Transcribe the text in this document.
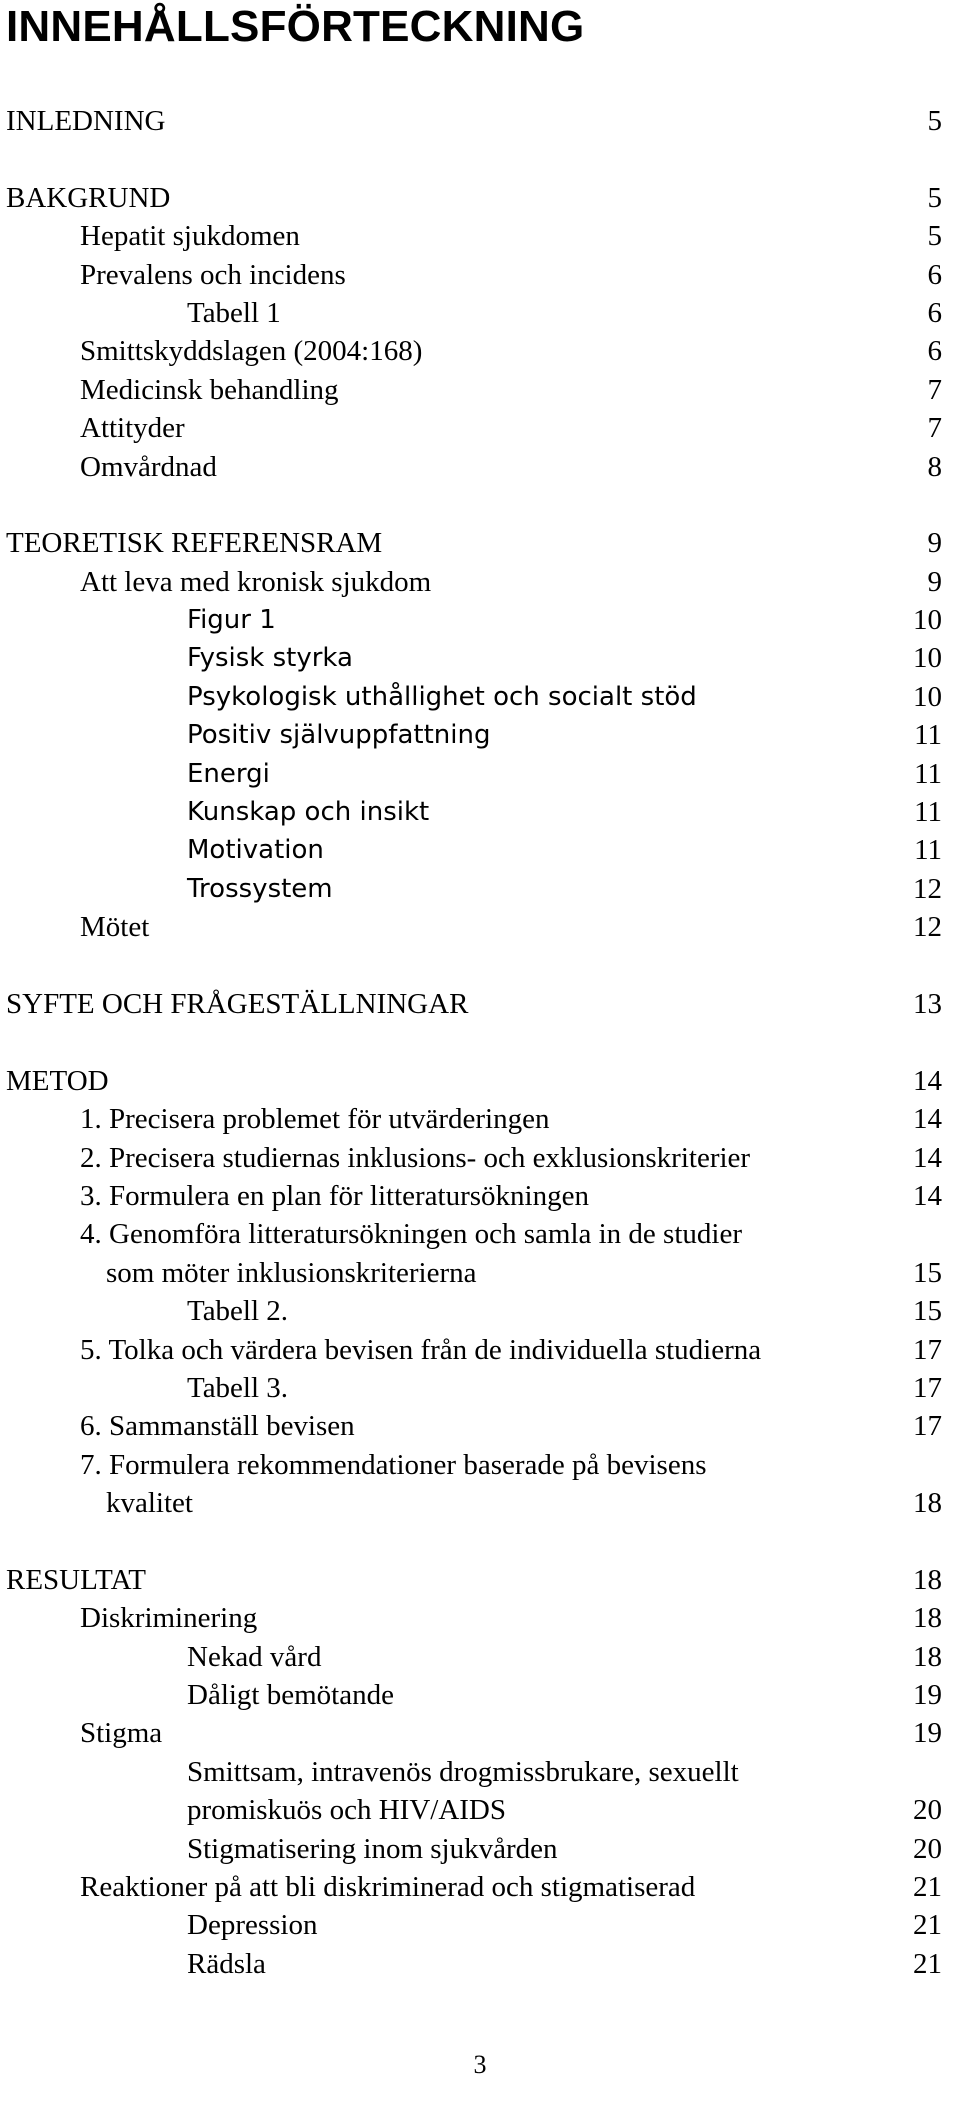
INNEHÅLLSFÖRTECKNING
INLEDNING	5
BAKGRUND	5
Hepatit sjukdomen	5
Prevalens och incidens	6
Tabell 1	6
Smittskyddslagen (2004:168)	6
Medicinsk behandling	7
Attityder	7
Omvårdnad	8
TEORETISK REFERENSRAM	9
Att leva med kronisk sjukdom	9
Figur 1	10
Fysisk styrka	10
Psykologisk uthållighet och socialt stöd	10
Positiv självuppfattning	11
Energi	11
Kunskap och insikt	11
Motivation	11
Trossystem	12
Mötet	12
SYFTE OCH FRÅGESTÄLLNINGAR	13
METOD	14
1. Precisera problemet för utvärderingen	14
2. Precisera studiernas inklusions- och exklusionskriterier	14
3. Formulera en plan för litteratursökningen	14
4. Genomföra litteratursökningen och samla in de studier
som möter inklusionskriterierna	15
Tabell 2.	15
5. Tolka och värdera bevisen från de individuella studierna	17
Tabell 3.	17
6. Sammanställ bevisen	17
7. Formulera rekommendationer baserade på bevisens
kvalitet	18
RESULTAT	18
Diskriminering	18
Nekad vård	18
Dåligt bemötande	19
Stigma	19
Smittsam, intravenös drogmissbrukare, sexuellt
promiskuös och HIV/AIDS	20
Stigmatisering inom sjukvården	20
Reaktioner på att bli diskriminerad och stigmatiserad	21
Depression	21
Rädsla	21
3
